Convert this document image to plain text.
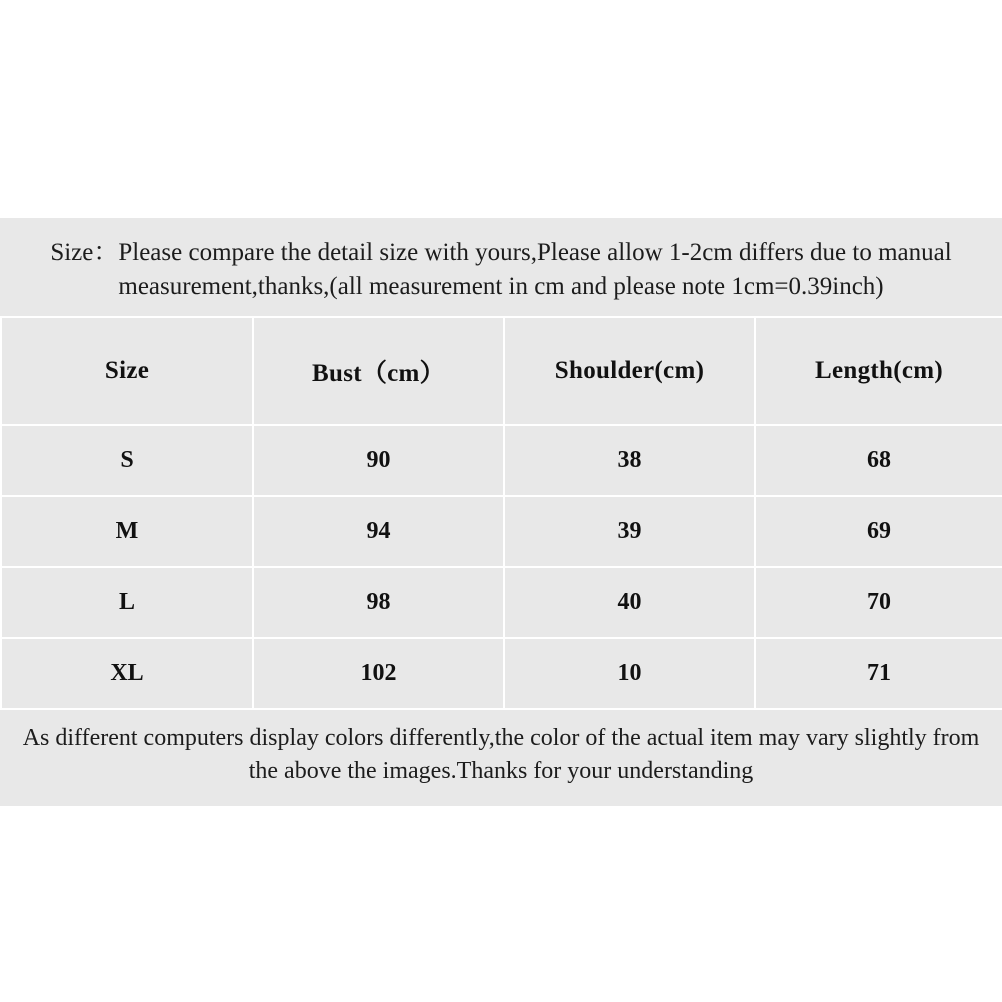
Size：Please compare the detail size with yours,Please allow 1-2cm differs due to manual measurement,thanks,(all measurement in cm and please note 1cm=0.39inch)
Size	Bust（cm）	Shoulder(cm)	Length(cm)
S	90	38	68
M	94	39	69
L	98	40	70
XL	102	10	71
As different computers display colors differently,the color of the actual item may vary slightly from
the above the images.Thanks for your understanding
